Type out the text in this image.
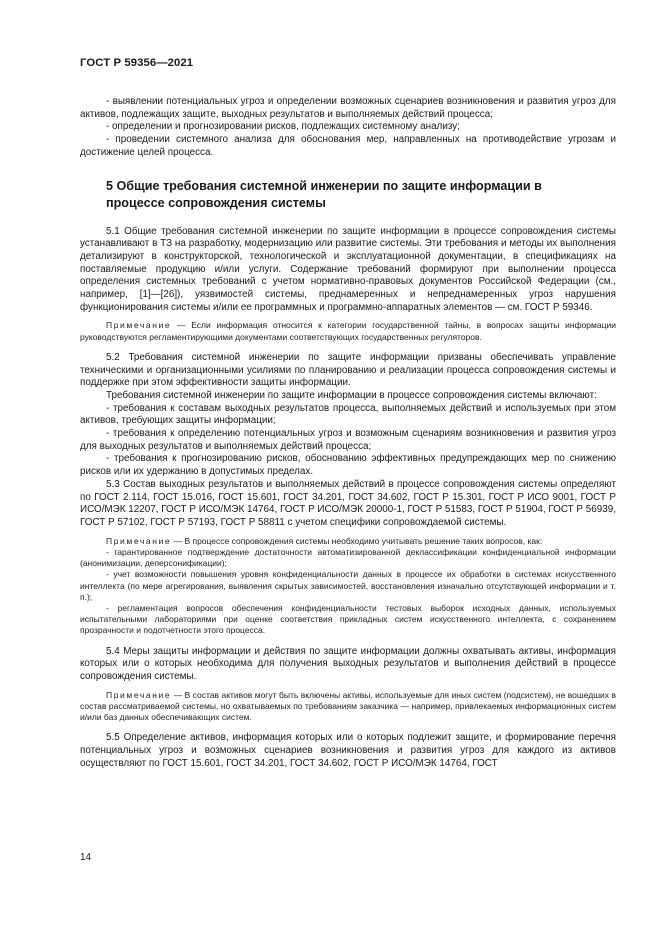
ГОСТ Р 59356—2021

- выявлении потенциальных угроз и определении возможных сценариев возникновения и развития угроз для активов, подлежащих защите, выходных результатов и выполняемых действий процесса;

- определении и прогнозировании рисков, подлежащих системному анализу;

- проведении системного анализа для обоснования мер, направленных на противодействие угрозам и достижение целей процесса.

5 Общие требования системной инженерии по защите информации в процессе сопровождения системы

5.1 Общие требования системной инженерии по защите информации в процессе сопровождения системы устанавливают в ТЗ на разработку, модернизацию или развитие системы. Эти требования и методы их выполнения детализируют в конструкторской, технологической и эксплуатационной документации, в спецификациях на поставляемые продукцию и/или услуги. Содержание требований формируют при выполнении процесса определения системных требований с учетом нормативно-правовых документов Российской Федерации (см., например, [1]—[26]), уязвимостей системы, преднамеренных и непреднамеренных угроз нарушения функционирования системы и/или ее программных и программно-аппаратных элементов — см. ГОСТ Р 59346.

Примечание — Если информация относится к категории государственной тайны, в вопросах защиты информации руководствуются регламентирующими документами соответствующих государственных регуляторов.

5.2 Требования системной инженерии по защите информации призваны обеспечивать управление техническими и организационными усилиями по планированию и реализации процесса сопровождения системы и поддержке при этом эффективности защиты информации.

Требования системной инженерии по защите информации в процессе сопровождения системы включают:

- требования к составам выходных результатов процесса, выполняемых действий и используемых при этом активов, требующих защиты информации;

- требования к определению потенциальных угроз и возможным сценариям возникновения и развития угроз для выходных результатов и выполняемых действий процесса;

- требования к прогнозированию рисков, обоснованию эффективных предупреждающих мер по снижению рисков или их удержанию в допустимых пределах.

5.3 Состав выходных результатов и выполняемых действий в процессе сопровождения системы определяют по ГОСТ 2.114, ГОСТ 15.016, ГОСТ 15.601, ГОСТ 34.201, ГОСТ 34.602, ГОСТ Р 15.301, ГОСТ Р ИСО 9001, ГОСТ Р ИСО/МЭК 12207, ГОСТ Р ИСО/МЭК 14764, ГОСТ Р ИСО/МЭК 20000-1, ГОСТ Р 51583, ГОСТ Р 51904, ГОСТ Р 56939, ГОСТ Р 57102, ГОСТ Р 57193, ГОСТ Р 58811 с учетом специфики сопровождаемой системы.

Примечание — В процессе сопровождения системы необходимо учитывать решение таких вопросов, как:

- гарантированное подтверждение достаточности автоматизированной деклассификации конфиденциальной информации (анонимизации, деперсонификации);

- учет возможности повышения уровня конфиденциальности данных в процессе их обработки в системах искусственного интеллекта (по мере агрегирования, выявления скрытых зависимостей, восстановления изначально отсутствующей информации и т. п.);

- регламентация вопросов обеспечения конфиденциальности тестовых выборок исходных данных, используемых испытательными лабораториями при оценке соответствия прикладных систем искусственного интеллекта, с сохранением прозрачности и подотчетности этого процесса.

5.4 Меры защиты информации и действия по защите информации должны охватывать активы, информация которых или о которых необходима для получения выходных результатов и выполнения действий в процессе сопровождения системы.

Примечание — В состав активов могут быть включены активы, используемые для иных систем (подсистем), не вошедших в состав рассматриваемой системы, но охватываемых по требованиям заказчика — например, привлекаемых информационных систем и/или баз данных обеспечивающих систем.

5.5 Определение активов, информация которых или о которых подлежит защите, и формирование перечня потенциальных угроз и возможных сценариев возникновения и развития угроз для каждого из активов осуществляют по ГОСТ 15.601, ГОСТ 34.201, ГОСТ 34.602, ГОСТ Р ИСО/МЭК 14764, ГОСТ

14
